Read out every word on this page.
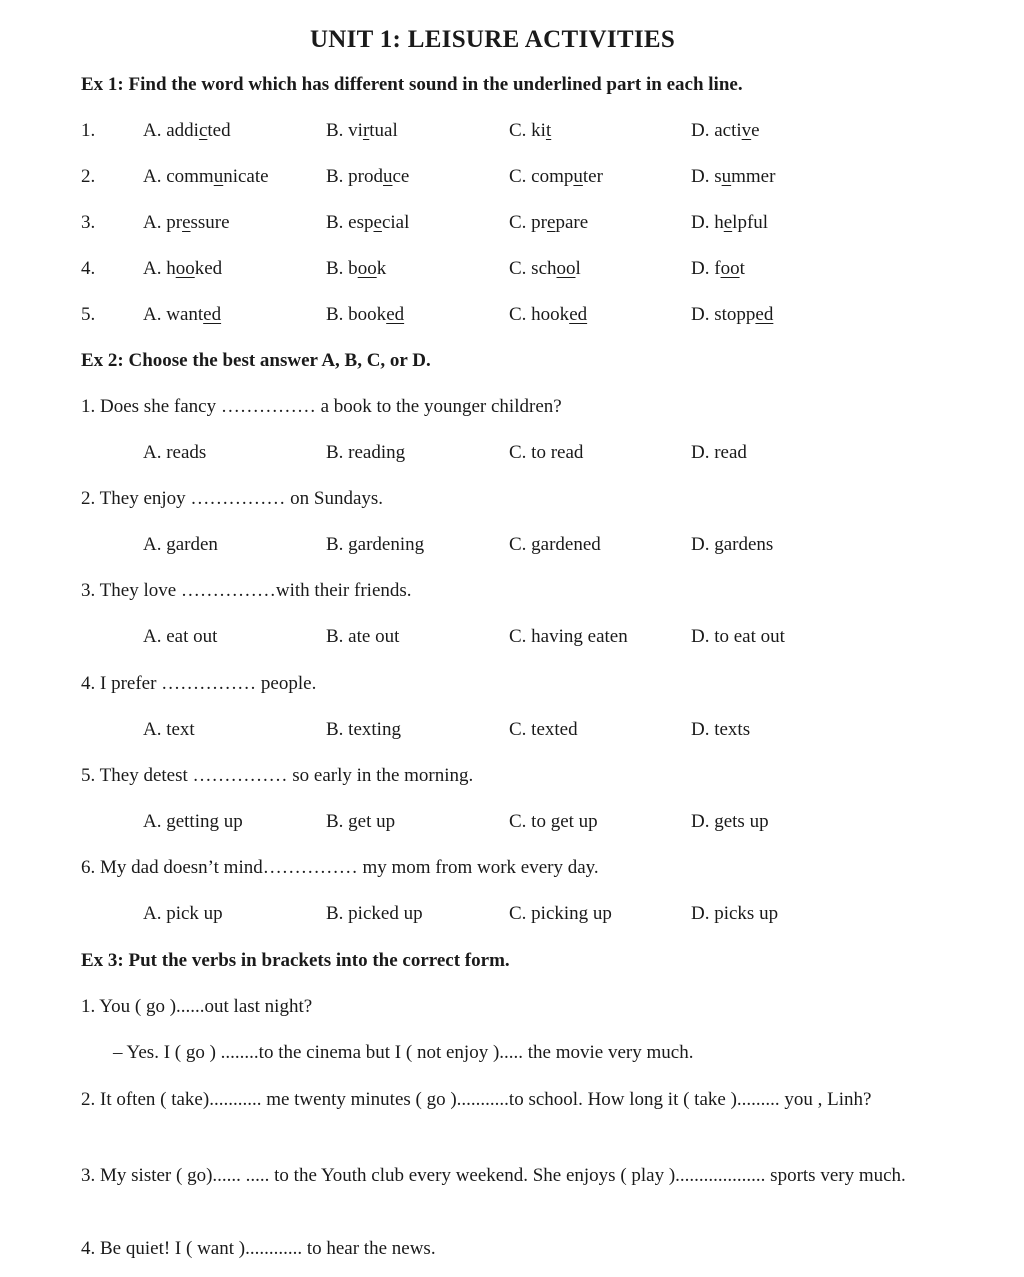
UNIT 1: LEISURE ACTIVITIES
Ex 1: Find the word which has different sound in the underlined part in each line.
1.	A. addicted	B. virtual	C. kit	D. active
2.	A. communicate	B. produce	C. computer	D. summer
3.	A. pressure	B. especial	C. prepare	D. helpful
4.	A. hooked	B. book	C. school	D. foot
5.	A. wanted	B. booked	C. hooked	D. stopped
Ex 2: Choose the best answer A, B, C, or D.
1. Does she fancy …………… a book to the younger children?
A. reads	B. reading	C. to read	D. read
2. They enjoy …………… on Sundays.
A. garden	B. gardening	C. gardened	D. gardens
3. They love ……………with their friends.
A. eat out	B. ate out	C. having eaten	D. to eat out
4. I prefer …………… people.
A. text	B. texting	C. texted	D. texts
5. They detest …………… so early in the morning.
A. getting up	B. get up	C. to get up	D. gets up
6. My dad doesn’t mind…………… my mom from work every day.
A. pick up	B. picked up	C. picking up	D. picks up
Ex 3: Put the verbs in brackets into the correct form.
1. You ( go )......out last night?
– Yes. I ( go ) ........to the cinema but I ( not enjoy )..... the movie very much.
2. It often ( take)........... me twenty minutes ( go )...........to school. How long it ( take )......... you , Linh?
3. My sister ( go)...... ..... to the Youth club every weekend. She enjoys ( play )................... sports very much.
4. Be quiet! I ( want )............ to hear the news.
